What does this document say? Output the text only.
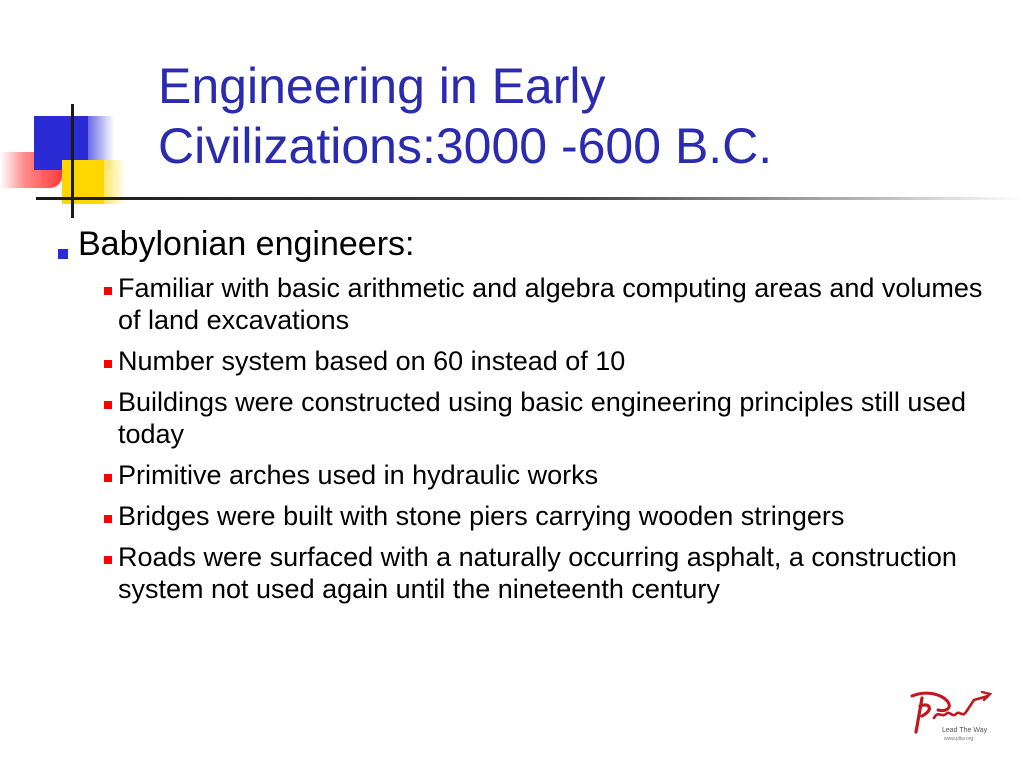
Engineering in Early
Civilizations:3000 -600 B.C.
Babylonian engineers:
Familiar with basic arithmetic and algebra computing areas and volumes of land excavations
Number system based on 60 instead of 10
Buildings were constructed using basic engineering principles still used today
Primitive arches used in hydraulic works
Bridges were built with stone piers carrying wooden stringers
Roads were surfaced with a naturally occurring asphalt, a construction system not used again until the nineteenth century
Lead The Way
www.pltw.org
